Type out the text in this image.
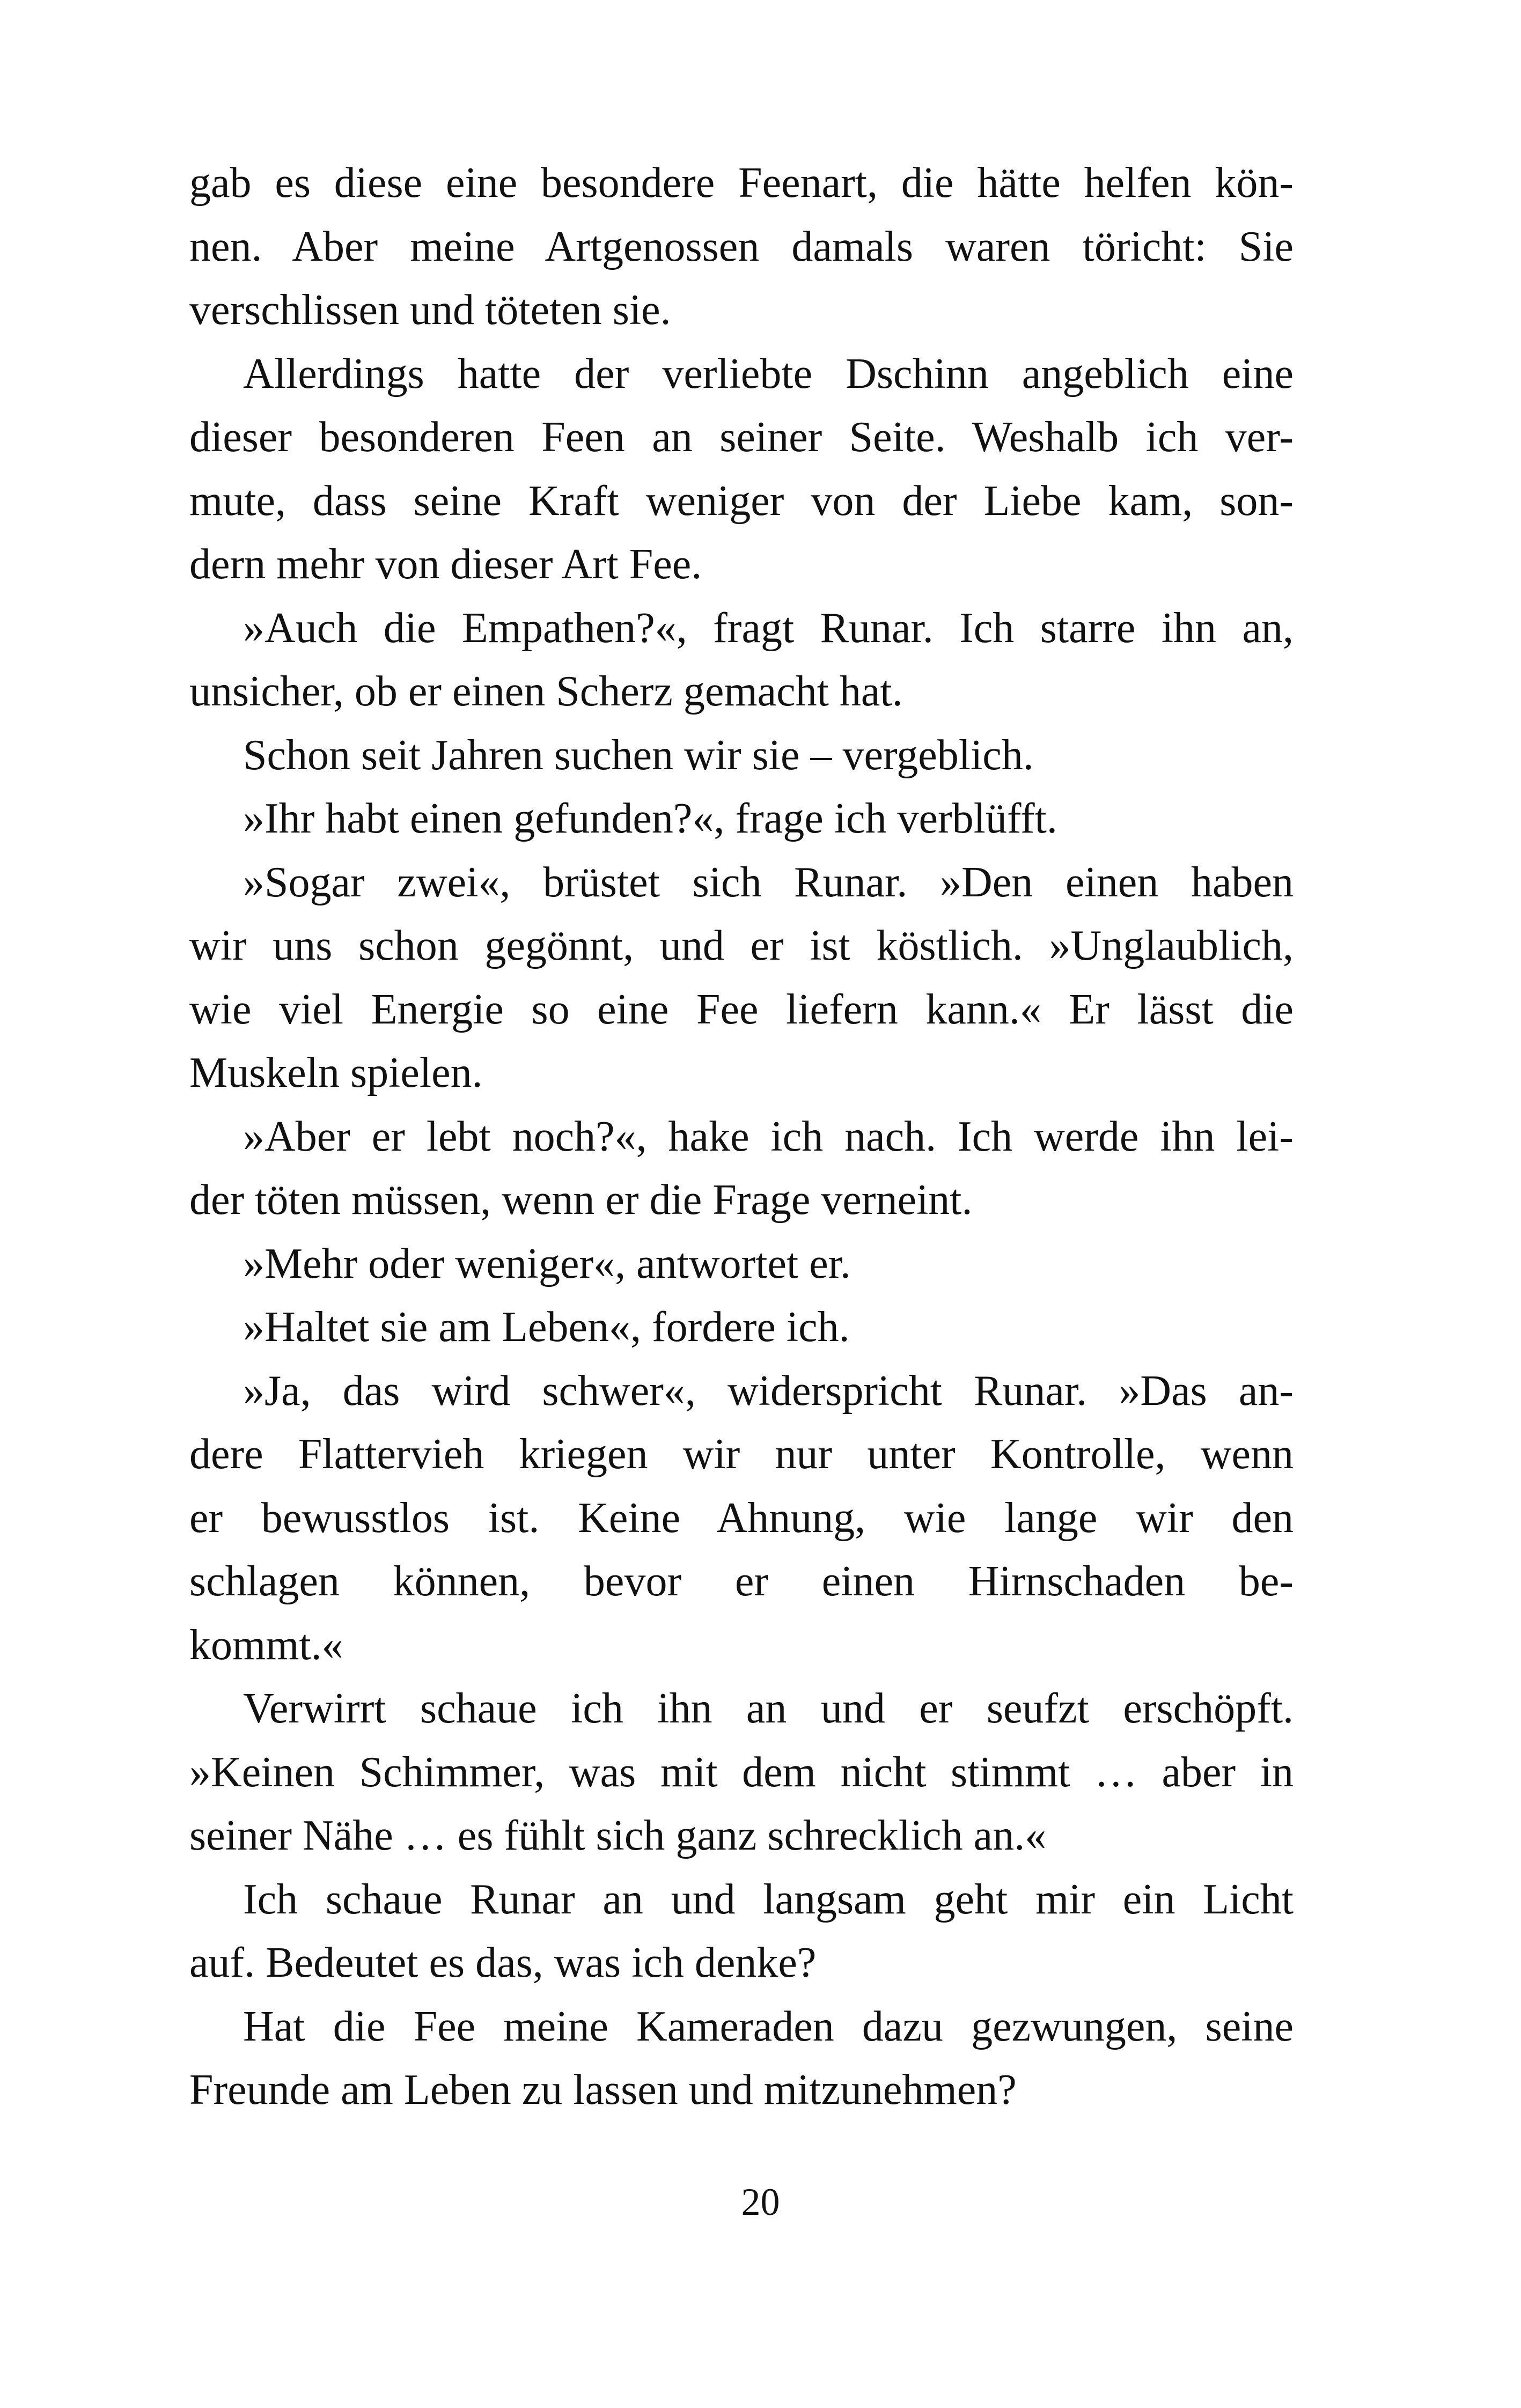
gab es diese eine besondere Feenart, die hätte helfen kön-
nen. Aber meine Artgenossen damals waren töricht: Sie
verschlissen und töteten sie.
Allerdings hatte der verliebte Dschinn angeblich eine
dieser besonderen Feen an seiner Seite. Weshalb ich ver-
mute, dass seine Kraft weniger von der Liebe kam, son-
dern mehr von dieser Art Fee.
»Auch die Empathen?«, fragt Runar. Ich starre ihn an,
unsicher, ob er einen Scherz gemacht hat.
Schon seit Jahren suchen wir sie – vergeblich.
»Ihr habt einen gefunden?«, frage ich verblüfft.
»Sogar zwei«, brüstet sich Runar. »Den einen haben
wir uns schon gegönnt, und er ist köstlich. »Unglaublich,
wie viel Energie so eine Fee liefern kann.« Er lässt die
Muskeln spielen.
»Aber er lebt noch?«, hake ich nach. Ich werde ihn lei-
der töten müssen, wenn er die Frage verneint.
»Mehr oder weniger«, antwortet er.
»Haltet sie am Leben«, fordere ich.
»Ja, das wird schwer«, widerspricht Runar. »Das an-
dere Flattervieh kriegen wir nur unter Kontrolle, wenn
er bewusstlos ist. Keine Ahnung, wie lange wir den
schlagen können, bevor er einen Hirnschaden be-
kommt.«
Verwirrt schaue ich ihn an und er seufzt erschöpft.
»Keinen Schimmer, was mit dem nicht stimmt … aber in
seiner Nähe … es fühlt sich ganz schrecklich an.«
Ich schaue Runar an und langsam geht mir ein Licht
auf. Bedeutet es das, was ich denke?
Hat die Fee meine Kameraden dazu gezwungen, seine
Freunde am Leben zu lassen und mitzunehmen?
20
